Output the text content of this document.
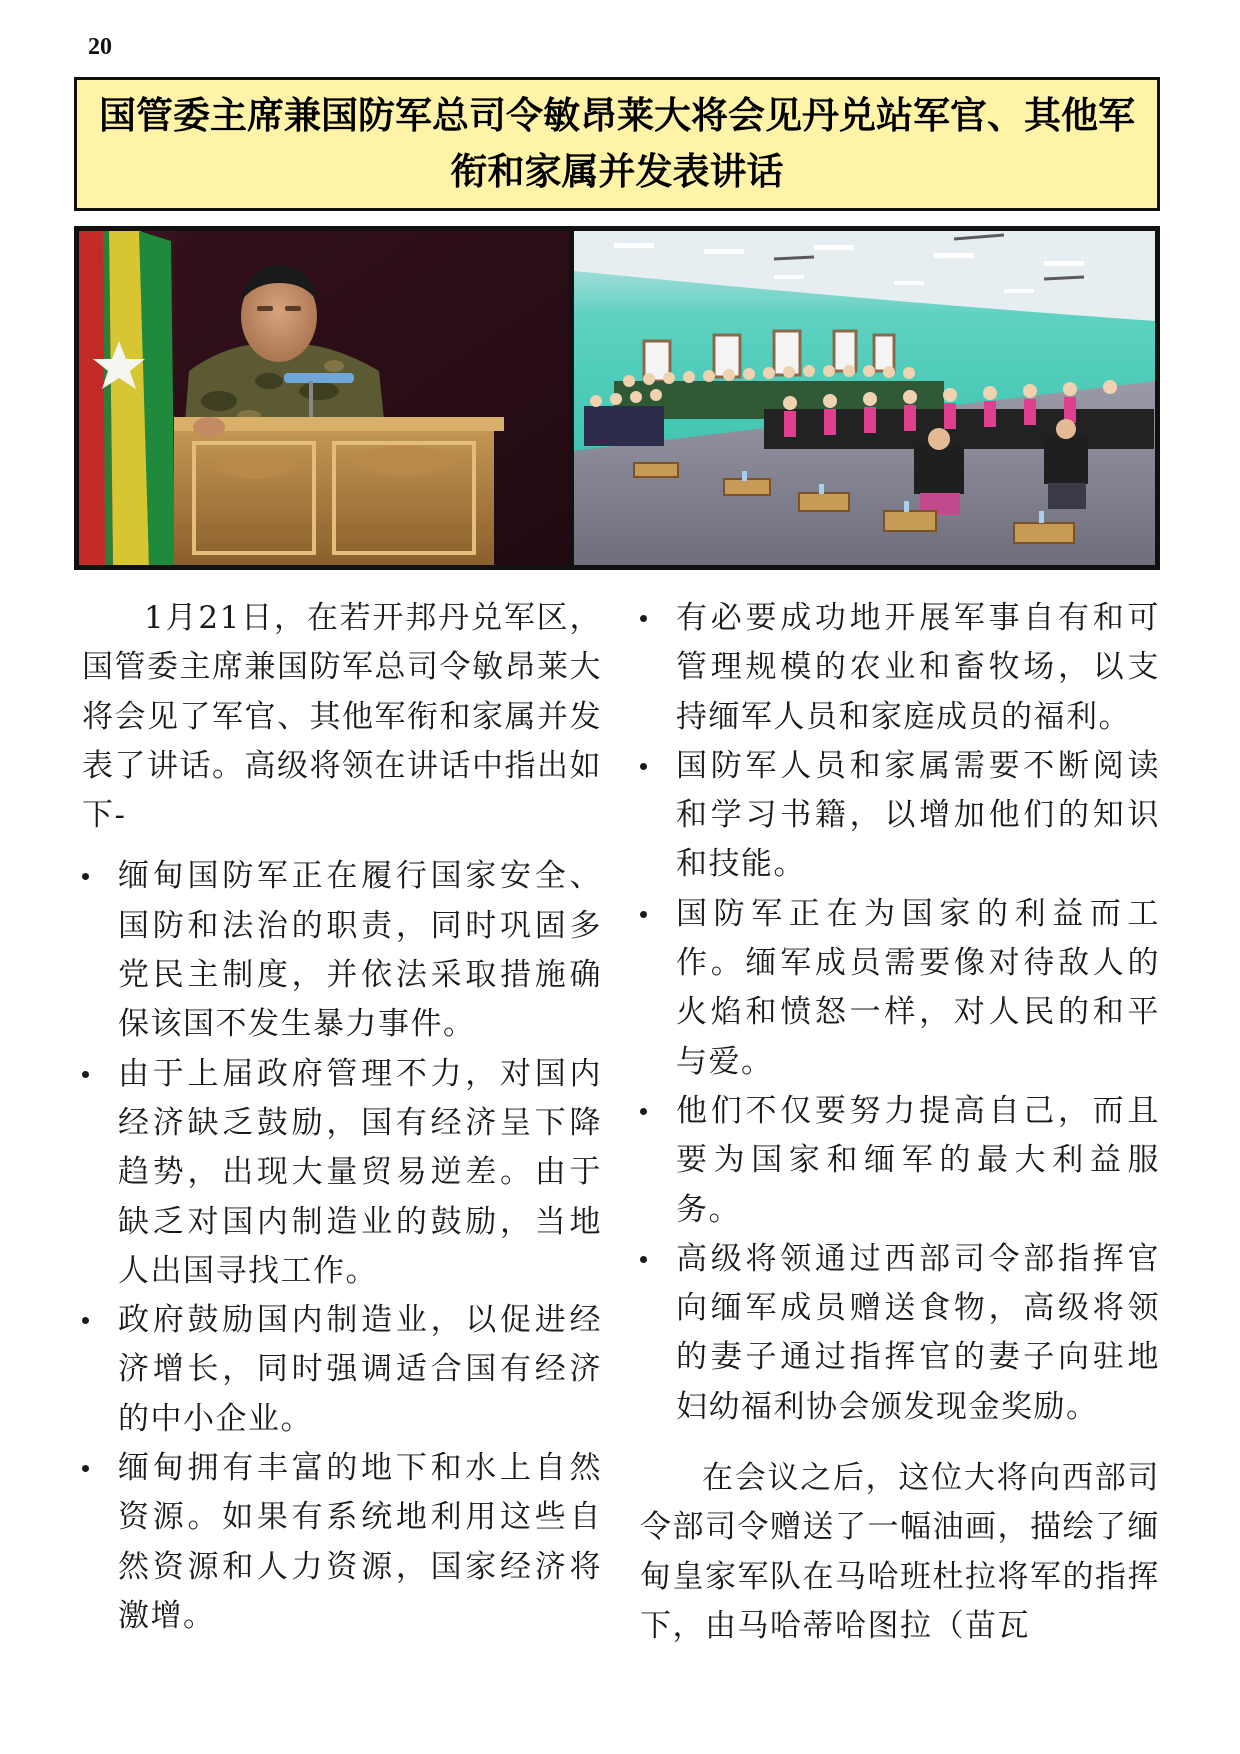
20
国管委主席兼国防军总司令敏昂莱大将会见丹兑站军官、其他军衔和家属并发表讲话

1月21日，在若开邦丹兑军区，国管委主席兼国防军总司令敏昂莱大将会见了军官、其他军衔和家属并发表了讲话。高级将领在讲话中指出如下-

缅甸国防军正在履行国家安全、国防和法治的职责，同时巩固多党民主制度，并依法采取措施确保该国不发生暴力事件。
由于上届政府管理不力，对国内经济缺乏鼓励，国有经济呈下降趋势，出现大量贸易逆差。由于缺乏对国内制造业的鼓励，当地人出国寻找工作。
政府鼓励国内制造业，以促进经济增长，同时强调适合国有经济的中小企业。
缅甸拥有丰富的地下和水上自然资源。如果有系统地利用这些自然资源和人力资源，国家经济将激增。
有必要成功地开展军事自有和可管理规模的农业和畜牧场，以支持缅军人员和家庭成员的福利。
国防军人员和家属需要不断阅读和学习书籍，以增加他们的知识和技能。
国防军正在为国家的利益而工作。缅军成员需要像对待敌人的火焰和愤怒一样，对人民的和平与爱。
他们不仅要努力提高自己，而且要为国家和缅军的最大利益服务。
高级将领通过西部司令部指挥官向缅军成员赠送食物，高级将领的妻子通过指挥官的妻子向驻地妇幼福利协会颁发现金奖励。

在会议之后，这位大将向西部司令部司令赠送了一幅油画，描绘了缅甸皇家军队在马哈班杜拉将军的指挥下，由马哈蒂哈图拉（苗瓦
